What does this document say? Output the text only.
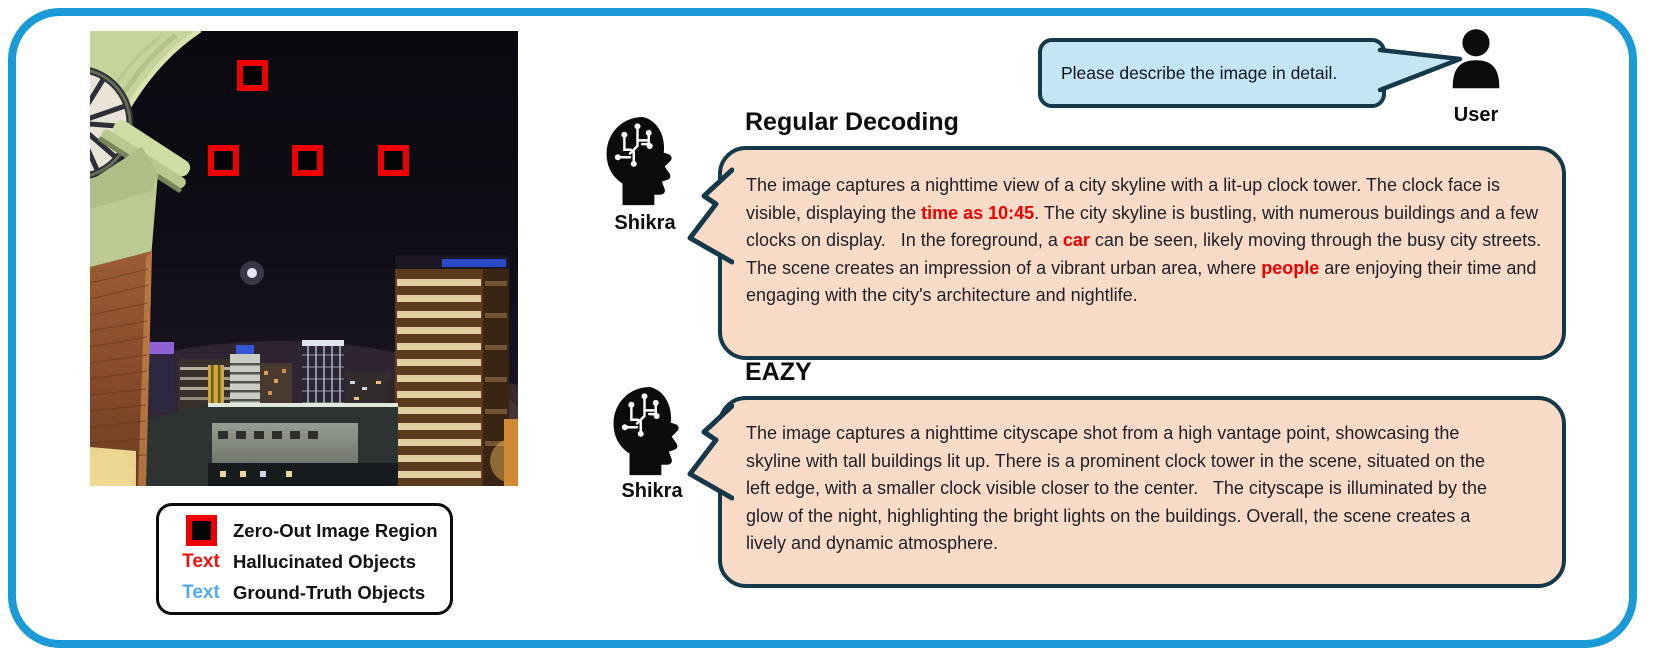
Zero-Out Image Region
Text Hallucinated Objects
Text Ground-Truth Objects
Please describe the image in detail.
User
Regular Decoding
Shikra
The image captures a nighttime view of a city skyline with a lit-up clock tower. The clock face is visible, displaying the time as 10:45. The city skyline is bustling, with numerous buildings and a few clocks on display.   In the foreground, a car can be seen, likely moving through the busy city streets. The scene creates an impression of a vibrant urban area, where people are enjoying their time and engaging with the city's architecture and nightlife.
EAZY
Shikra
The image captures a nighttime cityscape shot from a high vantage point, showcasing the skyline with tall buildings lit up. There is a prominent clock tower in the scene, situated on the left edge, with a smaller clock visible closer to the center.   The cityscape is illuminated by the glow of the night, highlighting the bright lights on the buildings. Overall, the scene creates a lively and dynamic atmosphere.
